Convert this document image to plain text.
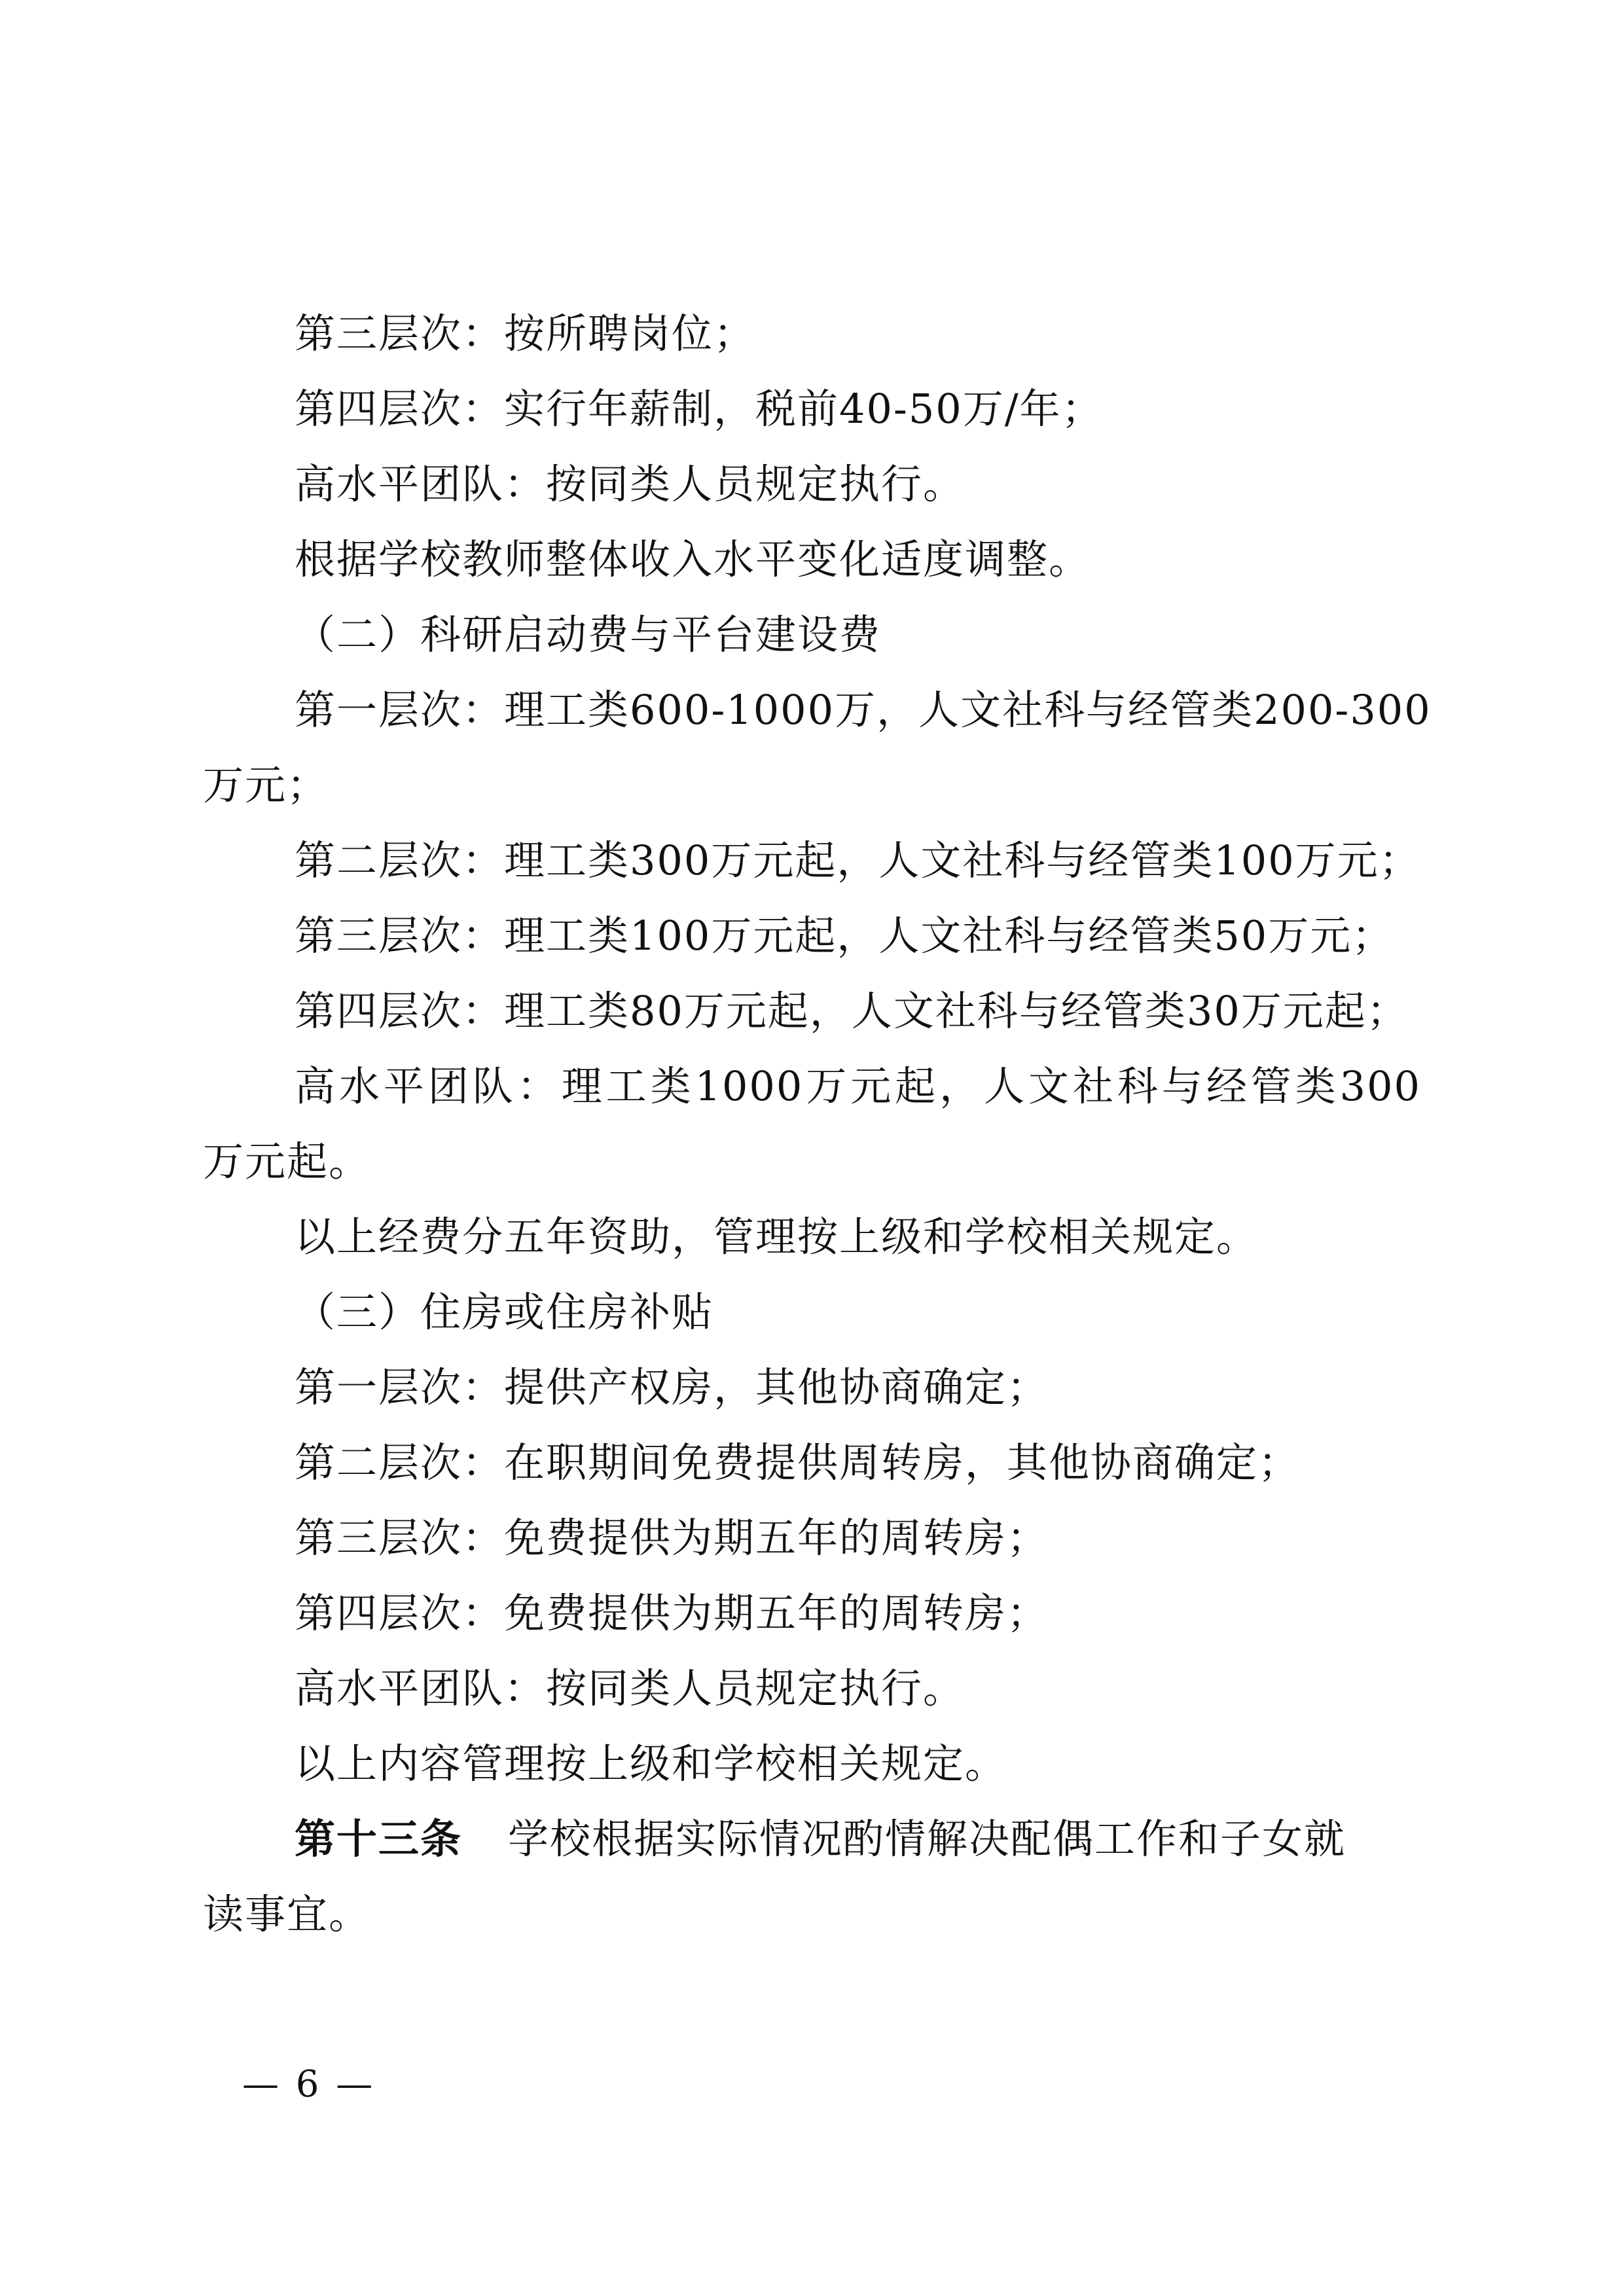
第三层次：按所聘岗位；
第四层次：实行年薪制，税前40-50万/年；
高水平团队：按同类人员规定执行。
根据学校教师整体收入水平变化适度调整。
（二）科研启动费与平台建设费
第一层次：理工类600-1000万，人文社科与经管类200-300
万元；
第二层次：理工类300万元起，人文社科与经管类100万元；
第三层次：理工类100万元起，人文社科与经管类50万元；
第四层次：理工类80万元起，人文社科与经管类30万元起；
高水平团队：理工类1000万元起，人文社科与经管类300
万元起。
以上经费分五年资助，管理按上级和学校相关规定。
（三）住房或住房补贴
第一层次：提供产权房，其他协商确定；
第二层次：在职期间免费提供周转房，其他协商确定；
第三层次：免费提供为期五年的周转房；
第四层次：免费提供为期五年的周转房；
高水平团队：按同类人员规定执行。
以上内容管理按上级和学校相关规定。
第十三条 学校根据实际情况酌情解决配偶工作和子女就
读事宜。
— 6 —
